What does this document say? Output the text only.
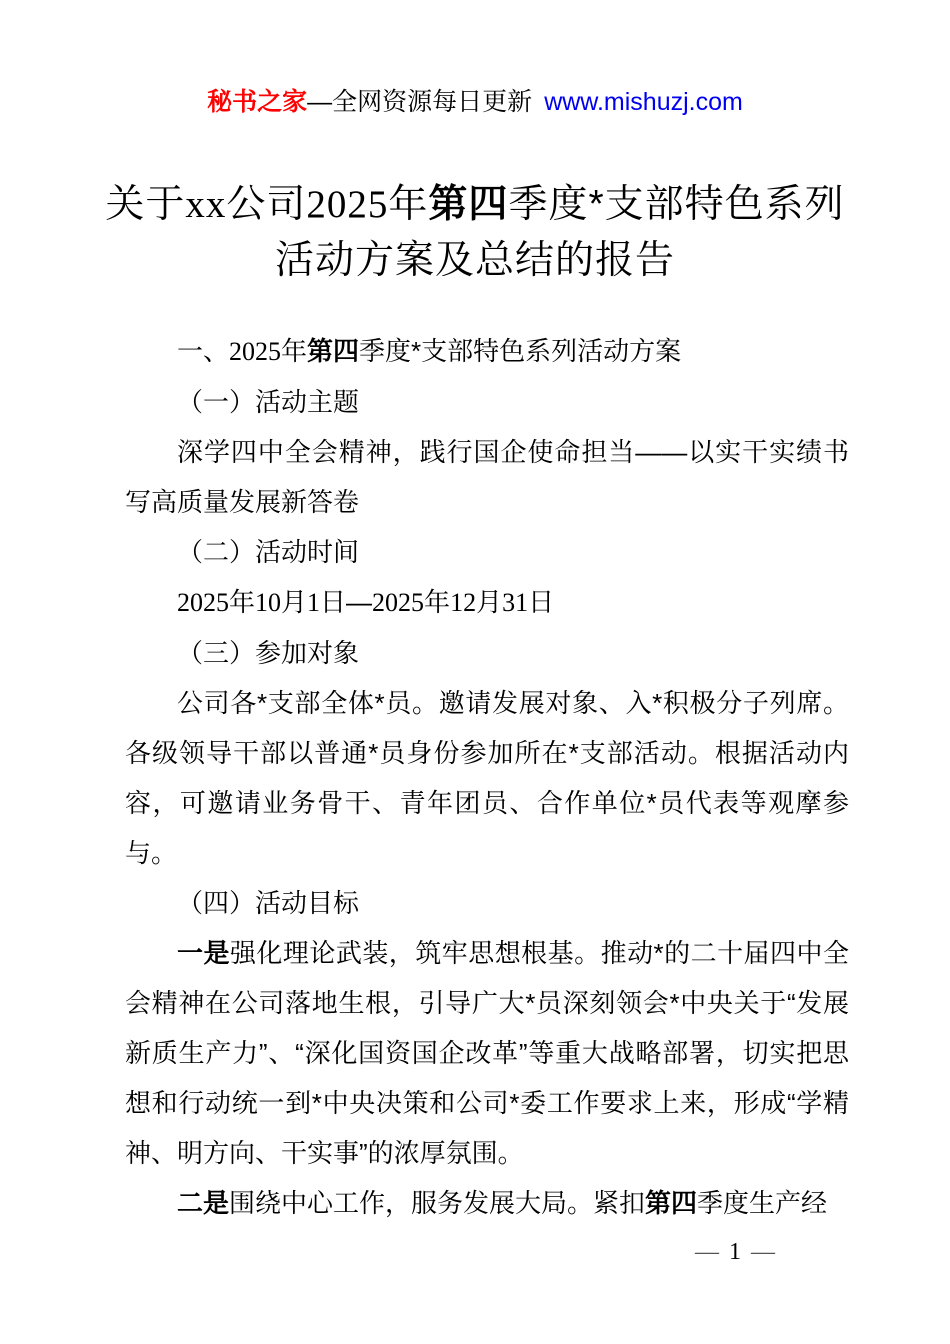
秘书之家—全网资源每日更新 www.mishuzj.com
关于xx公司2025年第四季度*支部特色系列
活动方案及总结的报告

一、2025年第四季度*支部特色系列活动方案

（一）活动主题

深学四中全会精神，践行国企使命担当——以实干实绩书写高质量发展新答卷

（二）活动时间

2025年10月1日—2025年12月31日

（三）参加对象

公司各*支部全体*员。邀请发展对象、入*积极分子列席。各级领导干部以普通*员身份参加所在*支部活动。根据活动内容，可邀请业务骨干、青年团员、合作单位*员代表等观摩参与。

（四）活动目标

一是强化理论武装，筑牢思想根基。推动*的二十届四中全会精神在公司落地生根，引导广大*员深刻领会*中央关于“发展新质生产力”、“深化国资国企改革”等重大战略部署，切实把思想和行动统一到*中央决策和公司*委工作要求上来，形成“学精神、明方向、干实事”的浓厚氛围。

二是围绕中心工作，服务发展大局。紧扣第四季度生产经

— 1 —
